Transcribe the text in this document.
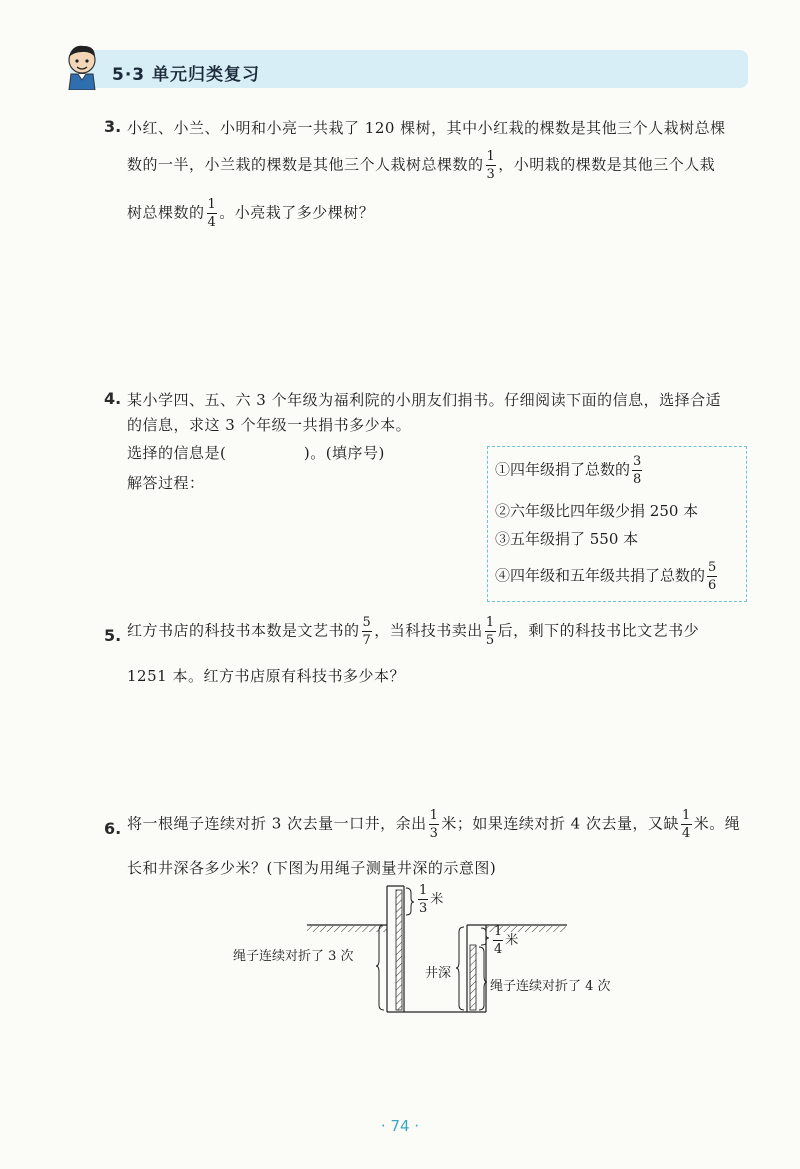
5·3 单元归类复习
3. 小红、小兰、小明和小亮一共栽了 120 棵树，其中小红栽的棵数是其他三个人栽树总棵
数的一半，小兰栽的棵数是其他三个人栽树总棵数的 $\frac{1}{3}$ ，小明栽的棵数是其他三个人栽
树总棵数的 $\frac{1}{4}$ 。小亮栽了多少棵树？
4. 某小学四、五、六 3 个年级为福利院的小朋友们捐书。仔细阅读下面的信息，选择合适
的信息，求这 3 个年级一共捐书多少本。
选择的信息是(　　　　　)。(填序号)
解答过程：
①四年级捐了总数的 $\frac{3}{8}$
②六年级比四年级少捐 250 本
③五年级捐了 550 本
④四年级和五年级共捐了总数的 $\frac{5}{6}$
5. 红方书店的科技书本数是文艺书的 $\frac{5}{7}$ ，当科技书卖出 $\frac{1}{5}$ 后，剩下的科技书比文艺书少
1251 本。红方书店原有科技书多少本？
6. 将一根绳子连续对折 3 次去量一口井，余出 $\frac{1}{3}$ 米；如果连续对折 4 次去量，又缺 $\frac{1}{4}$ 米。绳
长和井深各多少米？(下图为用绳子测量井深的示意图)
$\frac{1}{3}$ 米
$\frac{1}{4}$ 米
绳子连续对折了 3 次
井深
绳子连续对折了 4 次
· 74 ·
